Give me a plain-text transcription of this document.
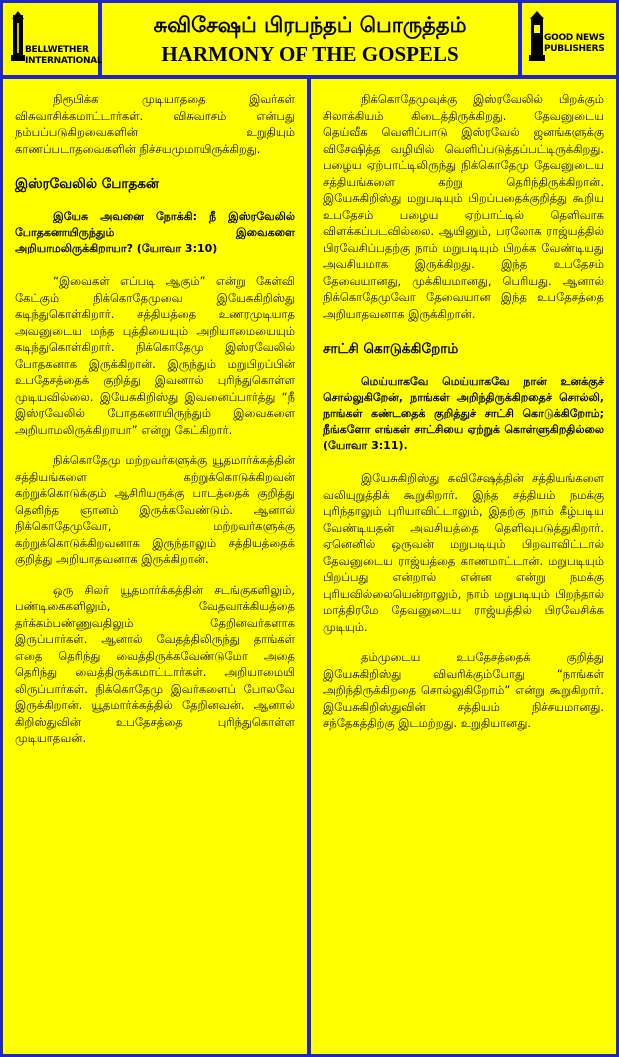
BELLWETHER
INTERNATIONAL
சுவிசேஷப் பிரபந்தப் பொருத்தம்
HARMONY OF THE GOSPELS
GOOD NEWS
PUBLISHERS

நிரூபிக்க முடியாததை இவர்கள் விசுவாசிக்கமாட்டார்கள். விசுவாசம் என்பது நம்பப்படுகிறவைகளின் உறுதியும் காணப்படாதவைகளின் நிச்சயமுமாயிருக்கிறது.

இஸ்ரவேலில் போதகன்

இயேசு அவனை நோக்கி: நீ இஸ்ரவேலில் போதகனாயிருந்தும் இவைகளை அறியாமலிருக்கிறாயா? (யோவா 3:10)

“இவைகள் எப்படி ஆகும்” என்று கேள்வி கேட்கும் நிக்கொதேமுவை இயேசுகிறிஸ்து கடிந்துகொள்கிறார். சத்தியத்தை உணரமுடியாத அவனுடைய மந்த புத்தியையும் அறியாமையையும் கடிந்துகொள்கிறார். நிக்கொதேமு இஸ்ரவேலில் போதகனாக இருக்கிறான். இருந்தும் மறுபிறப்பின் உபதேசத்தைக் குறித்து இவனால் புரிந்துகொள்ள முடியவில்லை. இயேசுகிறிஸ்து இவனைப்பார்த்து “நீ இஸ்ரவேலில் போதகனாயிருந்தும் இவைகளை அறியாமலிருக்கிறாயா” என்று கேட்கிறார்.

நிக்கொதேமு மற்றவர்களுக்கு யூதமார்க்கத்தின் சத்தியங்களை கற்றுக்கொடுக்கிறவன் கற்றுக்கொடுக்கும் ஆசிரியருக்கு பாடத்தைக் குறித்து தெளிந்த ஞானம் இருக்கவேண்டும். ஆனால் நிக்கொதேமுவோ, மற்றவர்களுக்கு கற்றுக்கொடுக்கிறவனாக இருந்தாலும் சத்தியத்தைக் குறித்து அறியாதவனாக இருக்கிறான்.

ஒரு சிலர் யூதமார்க்கத்தின் சடங்குகளிலும், பண்டிகைகளிலும், வேதவாக்கியத்தை தர்க்கம்பண்ணுவதிலும் தேறினவர்களாக இருப்பார்கள். ஆனால் வேதத்திலிருந்து தாங்கள் எதை தெரிந்து வைத்திருக்கவேண்டுமோ அதை தெரிந்து வைத்திருக்கமாட்டார்கள். அறியாமையி லிருப்பார்கள். நிக்கொதேமு இவர்களைப் போலவே இருக்கிறான். யூதமார்க்கத்தில் தேறினவன். ஆனால் கிறிஸ்துவின் உபதேசத்தை புரிந்துகொள்ள முடியாதவன்.

நிக்கொதேமுவுக்கு இஸ்ரவேலில் பிறக்கும் சிலாக்கியம் கிடைத்திருக்கிறது. தேவனுடைய தெய்வீக வெளிப்பாடு இஸ்ரவேல் ஜனங்களுக்கு விசேஷித்த வழியில் வெளிப்படுத்தப்பட்டிருக்கிறது. பழைய ஏற்பாட்டிலிருந்து நிக்கொதேமு தேவனுடைய சத்தியங்களை கற்று தெரிந்திருக்கிறான். இயேசுகிறிஸ்து மறுபடியும் பிறப்பதைக்குறித்து கூறிய உபதேசம் பழைய ஏற்பாட்டில் தெளிவாக விளக்கப்படவில்லை. ஆயினும், பரலோக ராஜ்யத்தில் பிரவேசிப்பதற்கு நாம் மறுபடியும் பிறக்க வேண்டியது அவசியமாக இருக்கிறது. இந்த உபதேசம் தேவையானது, முக்கியமானது, பெரியது. ஆனால் நிக்கொதேமுவோ தேவையான இந்த உபதேசத்தை அறியாதவனாக இருக்கிறான்.

சாட்சி கொடுக்கிறோம்

மெய்யாகவே மெய்யாகவே நான் உனக்குச் சொல்லுகிறேன், நாங்கள் அறிந்திருக்கிறதைச் சொல்லி, நாங்கள் கண்டதைக் குறித்துச் சாட்சி கொடுக்கிறோம்; நீங்களோ எங்கள் சாட்சியை ஏற்றுக் கொள்ளுகிறதில்லை (யோவா 3:11).

இயேசுகிறிஸ்து சுவிசேஷத்தின் சத்தியங்களை வலியுறுத்திக் கூறுகிறார். இந்த சத்தியம் நமக்கு புரிந்தாலும் புரியாவிட்டாலும், இதற்கு நாம் கீழ்படிய வேண்டியதன் அவசியத்தை தெளிவுபடுத்துகிறார். ஏனெனில் ஒருவன் மறுபடியும் பிறவாவிட்டால் தேவனுடைய ராஜ்யத்தை காணமாட்டான். மறுபடியும் பிறப்பது என்றால் என்ன என்று நமக்கு புரியவில்லையென்றாலும், நாம் மறுபடியும் பிறந்தால் மாத்திரமே தேவனுடைய ராஜ்யத்தில் பிரவேசிக்க முடியும்.

தம்முடைய உபதேசத்தைக் குறித்து இயேசுகிறிஸ்து விவரிக்கும்போது “நாங்கள் அறிந்திருக்கிறதை சொல்லுகிறோம்” என்று கூறுகிறார். இயேசுகிறிஸ்துவின் சத்தியம் நிச்சயமானது. சந்தேகத்திற்கு இடமற்றது. உறுதியானது.
